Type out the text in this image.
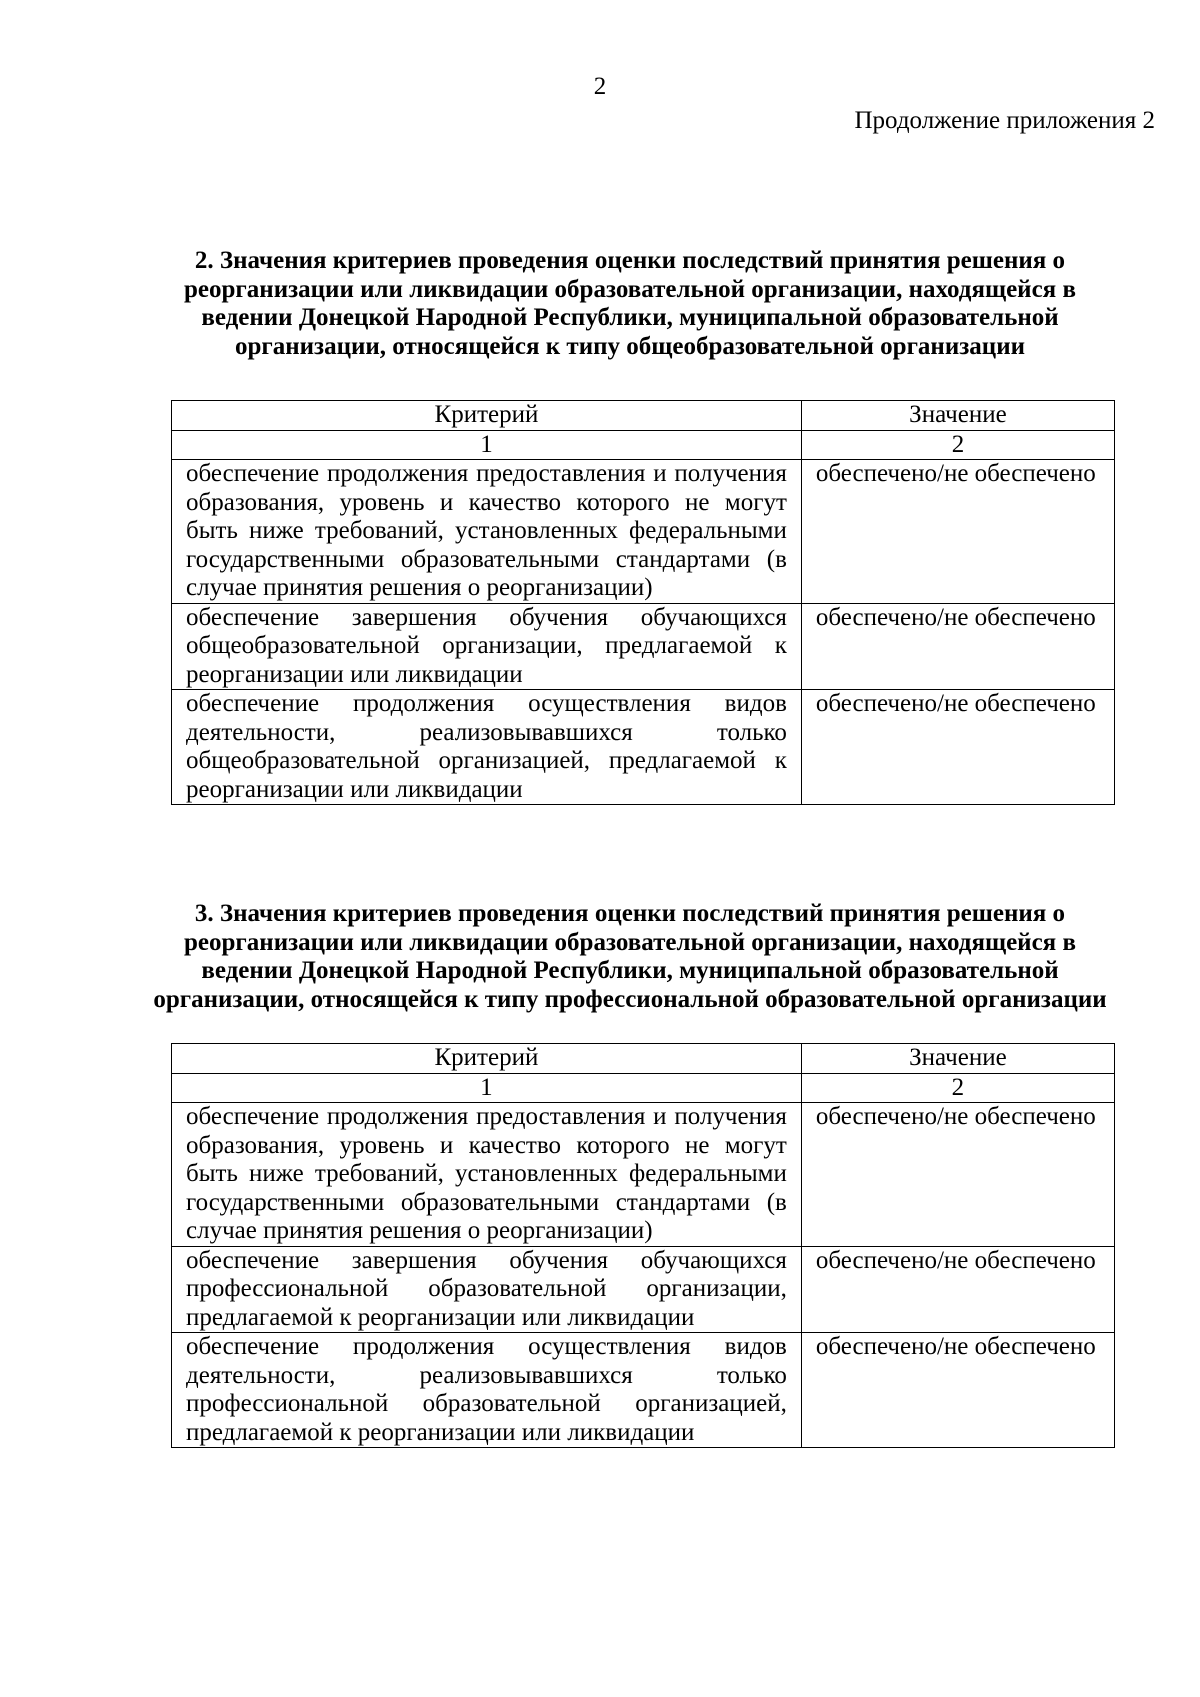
2
Продолжение приложения 2
2. Значения критериев проведения оценки последствий принятия решения о реорганизации или ликвидации образовательной организации, находящейся в ведении Донецкой Народной Республики, муниципальной образовательной организации, относящейся к типу общеобразовательной организации
Критерий	Значение
1	2
обеспечение продолжения предоставления и получения образования, уровень и качество которого не могут быть ниже требований, установленных федеральными государственными образовательными стандартами (в случае принятия решения о реорганизации)	обеспечено/не обеспечено
обеспечение завершения обучения обучающихся общеобразовательной организации, предлагаемой к реорганизации или ликвидации	обеспечено/не обеспечено
обеспечение продолжения осуществления видов деятельности, реализовывавшихся только общеобразовательной организацией, предлагаемой к реорганизации или ликвидации	обеспечено/не обеспечено
3. Значения критериев проведения оценки последствий принятия решения о реорганизации или ликвидации образовательной организации, находящейся в ведении Донецкой Народной Республики, муниципальной образовательной организации, относящейся к типу профессиональной образовательной организации
Критерий	Значение
1	2
обеспечение продолжения предоставления и получения образования, уровень и качество которого не могут быть ниже требований, установленных федеральными государственными образовательными стандартами (в случае принятия решения о реорганизации)	обеспечено/не обеспечено
обеспечение завершения обучения обучающихся профессиональной образовательной организации, предлагаемой к реорганизации или ликвидации	обеспечено/не обеспечено
обеспечение продолжения осуществления видов деятельности, реализовывавшихся только профессиональной образовательной организацией, предлагаемой к реорганизации или ликвидации	обеспечено/не обеспечено
